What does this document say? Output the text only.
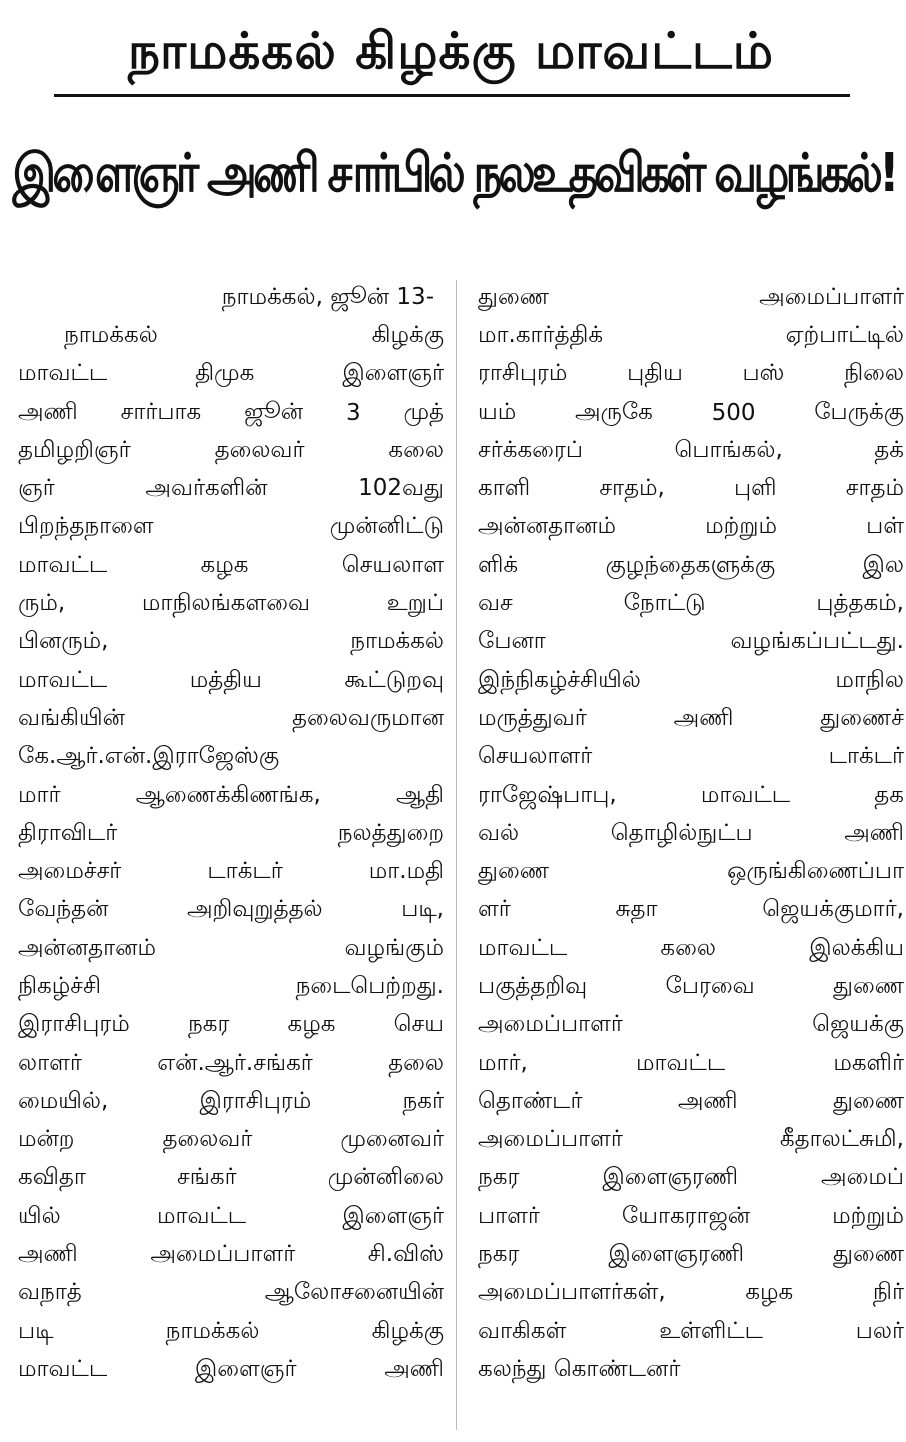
நாமக்கல் கிழக்கு மாவட்டம்
இளைஞர் அணி சார்பில் நலஉதவிகள் வழங்கல்!
நாமக்கல், ஜூன் 13-
நாமக்கல்	கிழக்கு
மாவட்ட	திமுக	இளைஞர்
அணி சார்பாக ஜூன் 3 முத்
தமிழறிஞர்	தலைவர்	கலை
ஞர்	அவர்களின்	102வது
பிறந்தநாளை	முன்னிட்டு
மாவட்ட	கழக	செயலாள
ரும்,	மாநிலங்களவை	உறுப்
பினரும்,	நாமக்கல்
மாவட்ட	மத்திய	கூட்டுறவு
வங்கியின்	தலைவருமான
கே.ஆர்.என்.இராஜேஸ்கு
மார்	ஆணைக்கிணங்க,	ஆதி
திராவிடர்	நலத்துறை
அமைச்சர்	டாக்டர்	மா.மதி
வேந்தன்	அறிவுறுத்தல்	படி,
அன்னதானம்	வழங்கும்
நிகழ்ச்சி	நடைபெற்றது.
இராசிபுரம்	நகர	கழக	செய
லாளர்	என்.ஆர்.சங்கர்	தலை
மையில்,	இராசிபுரம்	நகர்
மன்ற	தலைவர்	முனைவர்
கவிதா	சங்கர்	முன்னிலை
யில்	மாவட்ட	இளைஞர்
அணி	அமைப்பாளர்	சி.விஸ்
வநாத்	ஆலோசனையின்
படி	நாமக்கல்	கிழக்கு
மாவட்ட	இளைஞர்	அணி
துணை	அமைப்பாளர்
மா.கார்த்திக்	ஏற்பாட்டில்
ராசிபுரம்	புதிய	பஸ்	நிலை
யம்	அருகே	500	பேருக்கு
சர்க்கரைப்	பொங்கல்,	தக்
காளி	சாதம்,	புளி	சாதம்
அன்னதானம்	மற்றும்	பள்
ளிக்	குழந்தைகளுக்கு	இல
வச	நோட்டு	புத்தகம்,
பேனா	வழங்கப்பட்டது.
இந்நிகழ்ச்சியில்	மாநில
மருத்துவர்	அணி	துணைச்
செயலாளர்	டாக்டர்
ராஜேஷ்பாபு,	மாவட்ட	தக
வல்	தொழில்நுட்ப	அணி
துணை	ஒருங்கிணைப்பா
ளர்	சுதா	ஜெயக்குமார்,
மாவட்ட	கலை	இலக்கிய
பகுத்தறிவு	பேரவை	துணை
அமைப்பாளர்	ஜெயக்கு
மார்,	மாவட்ட	மகளிர்
தொண்டர்	அணி	துணை
அமைப்பாளர்	கீதாலட்சுமி,
நகர	இளைஞரணி	அமைப்
பாளர்	யோகராஜன்	மற்றும்
நகர	இளைஞரணி	துணை
அமைப்பாளர்கள்,	கழக	நிர்
வாகிகள்	உள்ளிட்ட	பலர்
கலந்து கொண்டனர்
